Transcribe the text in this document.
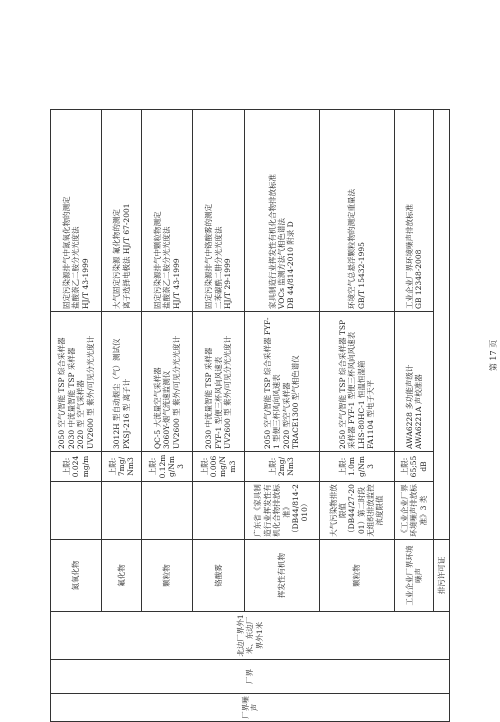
厂界噪声	厂界	北边厂界外1米、东边厂界外1米	氮氧化物		上限:
0.024mg/m	2050 空气/智能 TSP 综合采样器
2030 中流量智能 TSP 采样器
2020 型 空气采样器
UV2600 型 紫外/可见分光光度计	固定污染源排气中氮氧化物的测定
盐酸萘乙二胺分光光度法
HJ/T 43-1999
			氟化物		上限:
7mg/Nm3	3012H 型自动烟尘（气）测试仪
PXSJ-216 型 离子计	大气固定污染源 氟化物的测定
离子选择电极法 HJ/T 67-2001
			颗粒物		上限:
0.12mg/Nm3	QC-5 大流量空气采样器
3060Y-烟气流速监测仪
UV2600 型 紫外/可见分光光度计	固定污染源排气中颗粒物测定
盐酸萘乙二胺分光光度法
HJ/T 43-1999
			铬酸雾		上限:
0.006mg/Nm3	2030 中流量智能 TSP 采样器
FYF-1 型便三杯风向风速表
UV2600 型 紫外/可见分光光度计	固定污染源排气中铬酸雾的测定
二苯碳酰二肼分光光度法
HJ/T 29-1999
			挥发性有机物	广东省《家具制造行业挥发性有机化合物排放标准》
（DB44/814-2010）	上限:
2mg/Nm3	2050 空气/智能 TSP 综合采样器 FYF-1 型便三杯风向风速表
2020 型空气采样器
TRACE1300 型气相色谱仪	家具制造行业挥发性有机化合物排放标准
VOCs 监测方法气相色谱法
DB 44/814-2010 附录 D
			颗粒物	大气污染物排放限值
（DB44/27-2001）第二时段无组织排放监控浓度限值	上限:
1.0mg/Nm3	2050 空气/智能 TSP 综合采样器 TSP 采样器 FYF-1 型便三杯风向风速表
LHS-80HC-1 恒温恒湿箱
FA1104 型电子天平	环境空气总悬浮颗粒物的测定重量法
GB/T 15432-1995
			工业企业厂界环境噪声	《工业企业厂界环境噪声排放标准》3 类	上限:
65;55dB	AWA6228 多功能声级计
AWA6221A 声校准器	工业企业厂界环境噪声排放标准
GB 12348-2008
			排污许可证				
第 17 页
